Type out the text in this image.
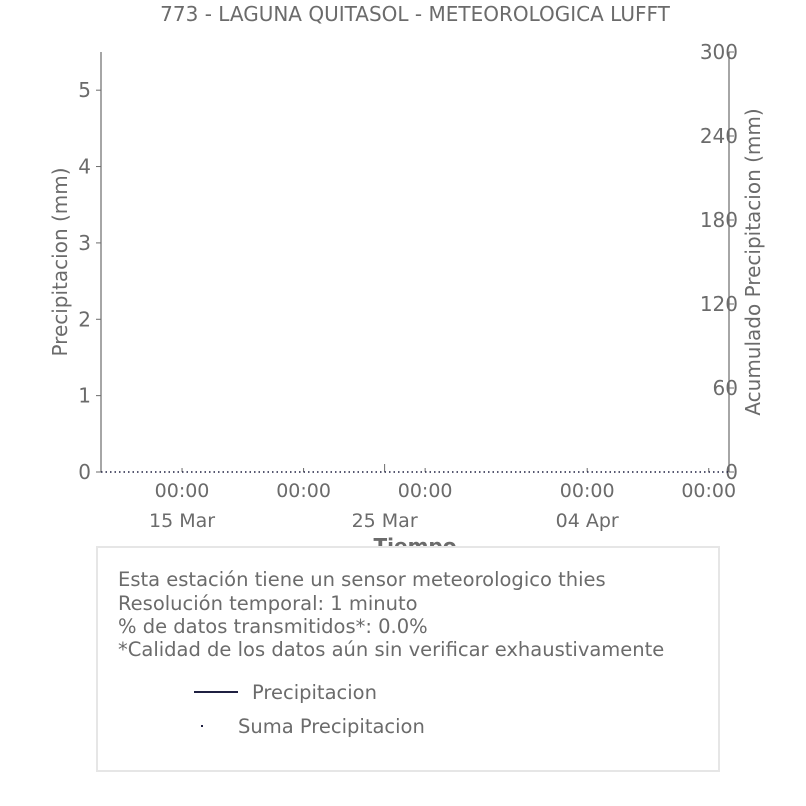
773 - LAGUNA QUITASOL - METEOROLOGICA LUFFT
0
1
2
3
4
5
0
60
120
180
240
300
00:00
15 Mar
00:00	00:00	00:00
04 Apr
00:00
25 Mar
Precipitacion (mm)	Acumulado Precipitacion (mm)
Esta estación tiene un sensor meteorologico thies
Resolución temporal: 1 minuto
% de datos transmitidos*: 0.0%
*Calidad de los datos aún sin verificar exhaustivamente
Precipitacion
Suma Precipitacion
